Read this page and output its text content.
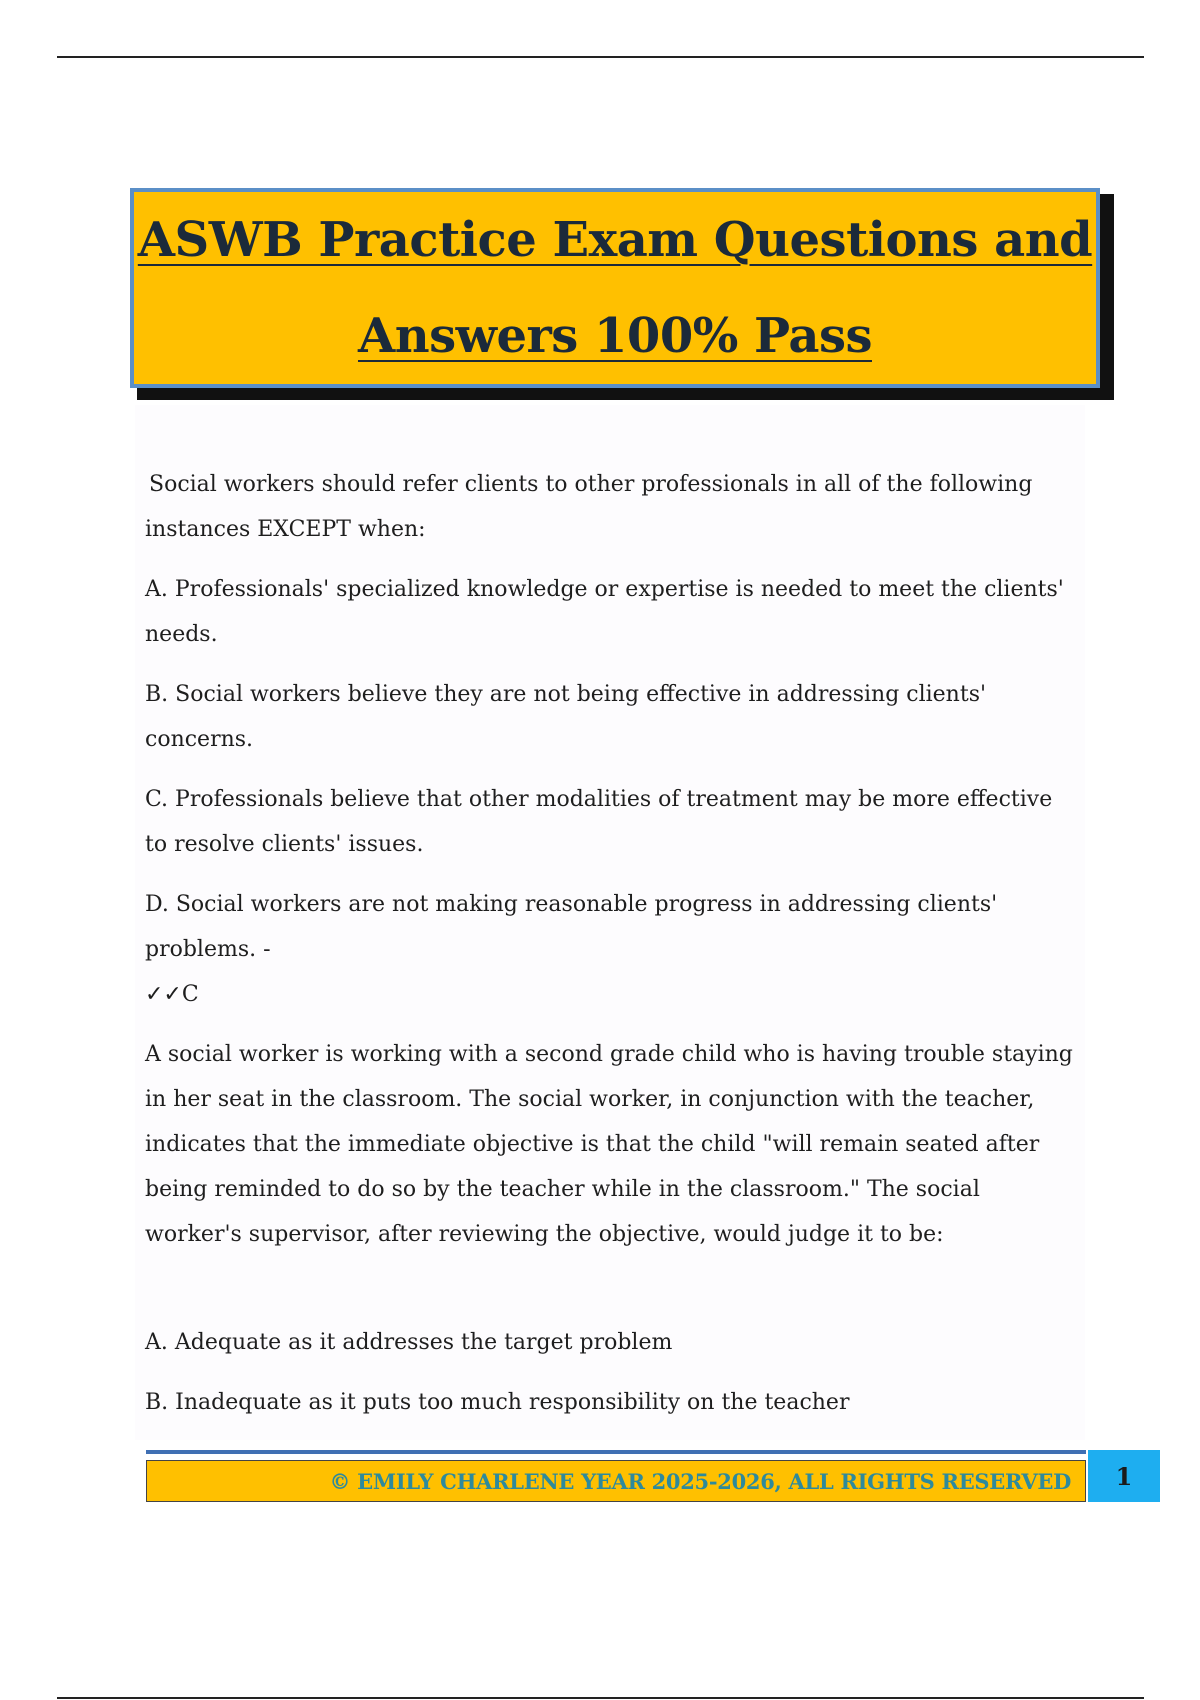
ASWB Practice Exam Questions and
Answers 100% Pass

Social workers should refer clients to other professionals in all of the following instances EXCEPT when:

A. Professionals' specialized knowledge or expertise is needed to meet the clients' needs.

B. Social workers believe they are not being effective in addressing clients' concerns.

C. Professionals believe that other modalities of treatment may be more effective to resolve clients' issues.

D. Social workers are not making reasonable progress in addressing clients' problems. -
✓✓C

A social worker is working with a second grade child who is having trouble staying in her seat in the classroom. The social worker, in conjunction with the teacher, indicates that the immediate objective is that the child "will remain seated after being reminded to do so by the teacher while in the classroom." The social worker's supervisor, after reviewing the objective, would judge it to be:

A. Adequate as it addresses the target problem

B. Inadequate as it puts too much responsibility on the teacher

© EMILY CHARLENE YEAR 2025-2026, ALL RIGHTS RESERVED 1
